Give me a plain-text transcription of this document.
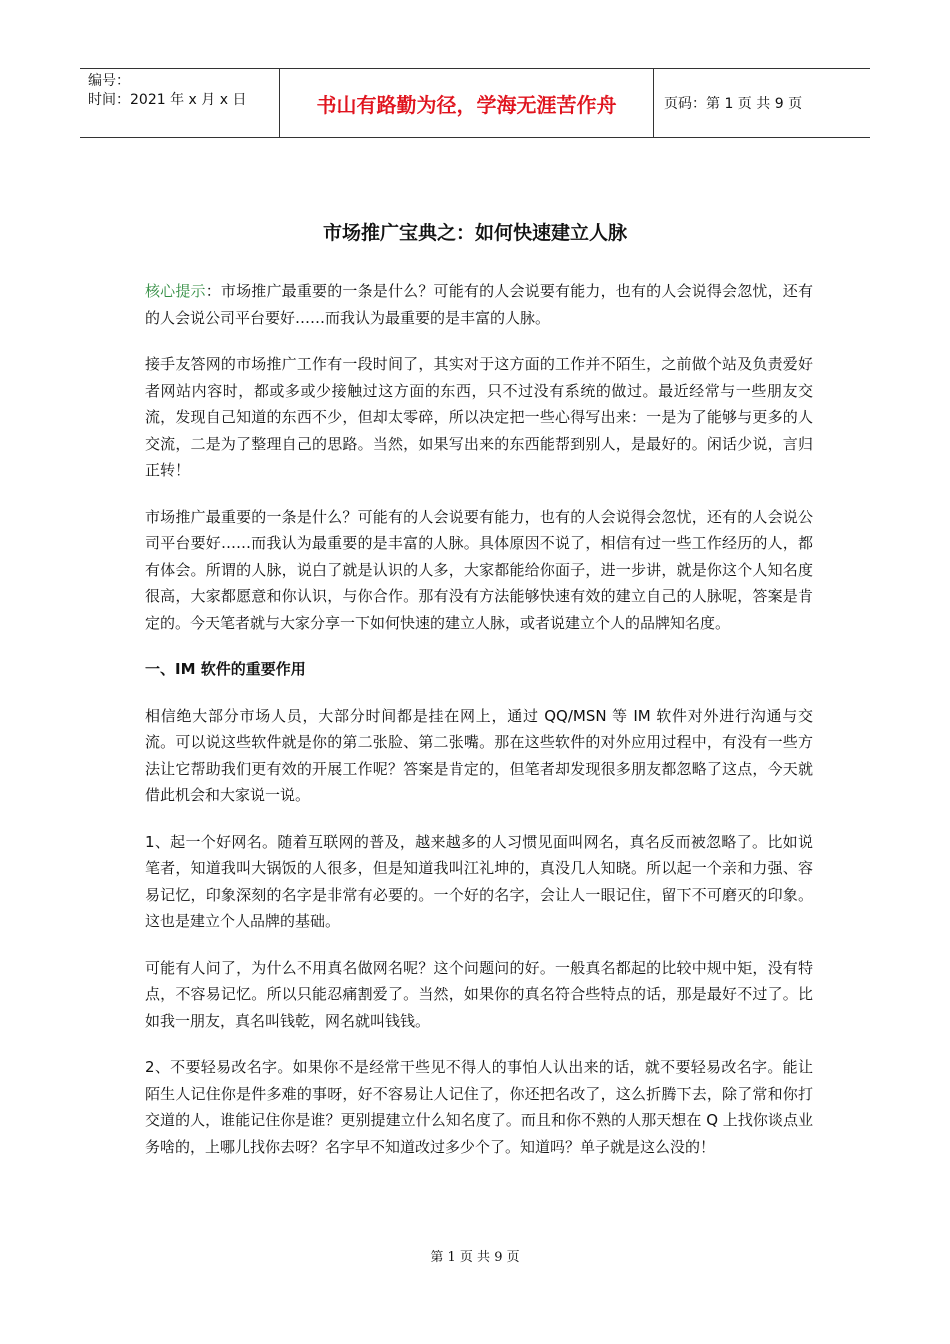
编号：
时间：2021 年 x 月 x 日	书山有路勤为径，学海无涯苦作舟	页码：第 1 页 共 9 页
市场推广宝典之：如何快速建立人脉

核心提示：市场推广最重要的一条是什么？可能有的人会说要有能力，也有的人会说得会忽忧，还有的人会说公司平台要好……而我认为最重要的是丰富的人脉。

接手友答网的市场推广工作有一段时间了，其实对于这方面的工作并不陌生，之前做个站及负责爱好者网站内容时，都或多或少接触过这方面的东西，只不过没有系统的做过。最近经常与一些朋友交流，发现自己知道的东西不少，但却太零碎，所以决定把一些心得写出来：一是为了能够与更多的人交流，二是为了整理自己的思路。当然，如果写出来的东西能帮到别人，是最好的。闲话少说，言归正转！

市场推广最重要的一条是什么？可能有的人会说要有能力，也有的人会说得会忽忧，还有的人会说公司平台要好……而我认为最重要的是丰富的人脉。具体原因不说了，相信有过一些工作经历的人，都有体会。所谓的人脉，说白了就是认识的人多，大家都能给你面子，进一步讲，就是你这个人知名度很高，大家都愿意和你认识，与你合作。那有没有方法能够快速有效的建立自己的人脉呢，答案是肯定的。今天笔者就与大家分享一下如何快速的建立人脉，或者说建立个人的品牌知名度。

一、IM 软件的重要作用

相信绝大部分市场人员，大部分时间都是挂在网上，通过 QQ/MSN 等 IM 软件对外进行沟通与交流。可以说这些软件就是你的第二张脸、第二张嘴。那在这些软件的对外应用过程中，有没有一些方法让它帮助我们更有效的开展工作呢？答案是肯定的，但笔者却发现很多朋友都忽略了这点，今天就借此机会和大家说一说。

1、起一个好网名。随着互联网的普及，越来越多的人习惯见面叫网名，真名反而被忽略了。比如说笔者，知道我叫大锅饭的人很多，但是知道我叫江礼坤的，真没几人知晓。所以起一个亲和力强、容易记忆，印象深刻的名字是非常有必要的。一个好的名字，会让人一眼记住，留下不可磨灭的印象。这也是建立个人品牌的基础。

可能有人问了，为什么不用真名做网名呢？这个问题问的好。一般真名都起的比较中规中矩，没有特点，不容易记忆。所以只能忍痛割爱了。当然，如果你的真名符合些特点的话，那是最好不过了。比如我一朋友，真名叫钱乾，网名就叫钱钱。

2、不要轻易改名字。如果你不是经常干些见不得人的事怕人认出来的话，就不要轻易改名字。能让陌生人记住你是件多难的事呀，好不容易让人记住了，你还把名改了，这么折腾下去，除了常和你打交道的人，谁能记住你是谁？更别提建立什么知名度了。而且和你不熟的人那天想在 Q 上找你谈点业务啥的，上哪儿找你去呀？名字早不知道改过多少个了。知道吗？单子就是这么没的！

第 1 页 共 9 页
